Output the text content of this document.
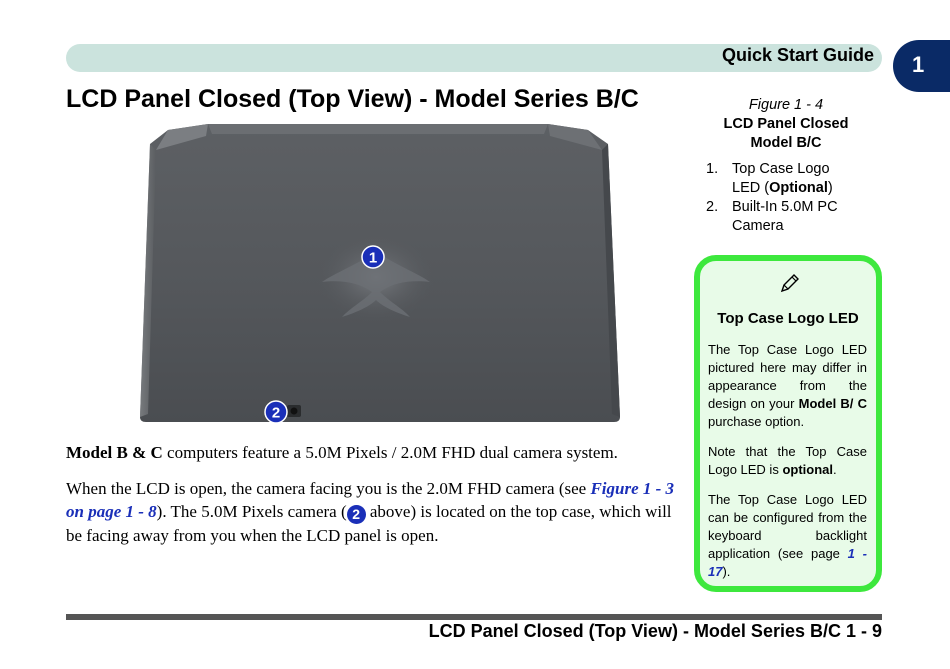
Quick Start Guide 1
LCD Panel Closed (Top View) - Model Series B/C
1
2
Figure 1 - 4
LCD Panel Closed
Model B/C
1. Top Case Logo
LED (Optional)
2. Built-In 5.0M PC
Camera
Top Case Logo LED

The Top Case Logo LED pictured here may differ in appearance from the design on your Model B/ C purchase option.

Note that the Top Case Logo LED is optional.

The Top Case Logo LED can be configured from the keyboard backlight application (see page 1 - 17).

Model B & C computers feature a 5.0M Pixels / 2.0M FHD dual camera system.

When the LCD is open, the camera facing you is the 2.0M FHD camera (see Figure 1 - 3 on page 1 - 8). The 5.0M Pixels camera ( 2 above) is located on the top case, which will be facing away from you when the LCD panel is open.

LCD Panel Closed (Top View) - Model Series B/C 1 - 9
